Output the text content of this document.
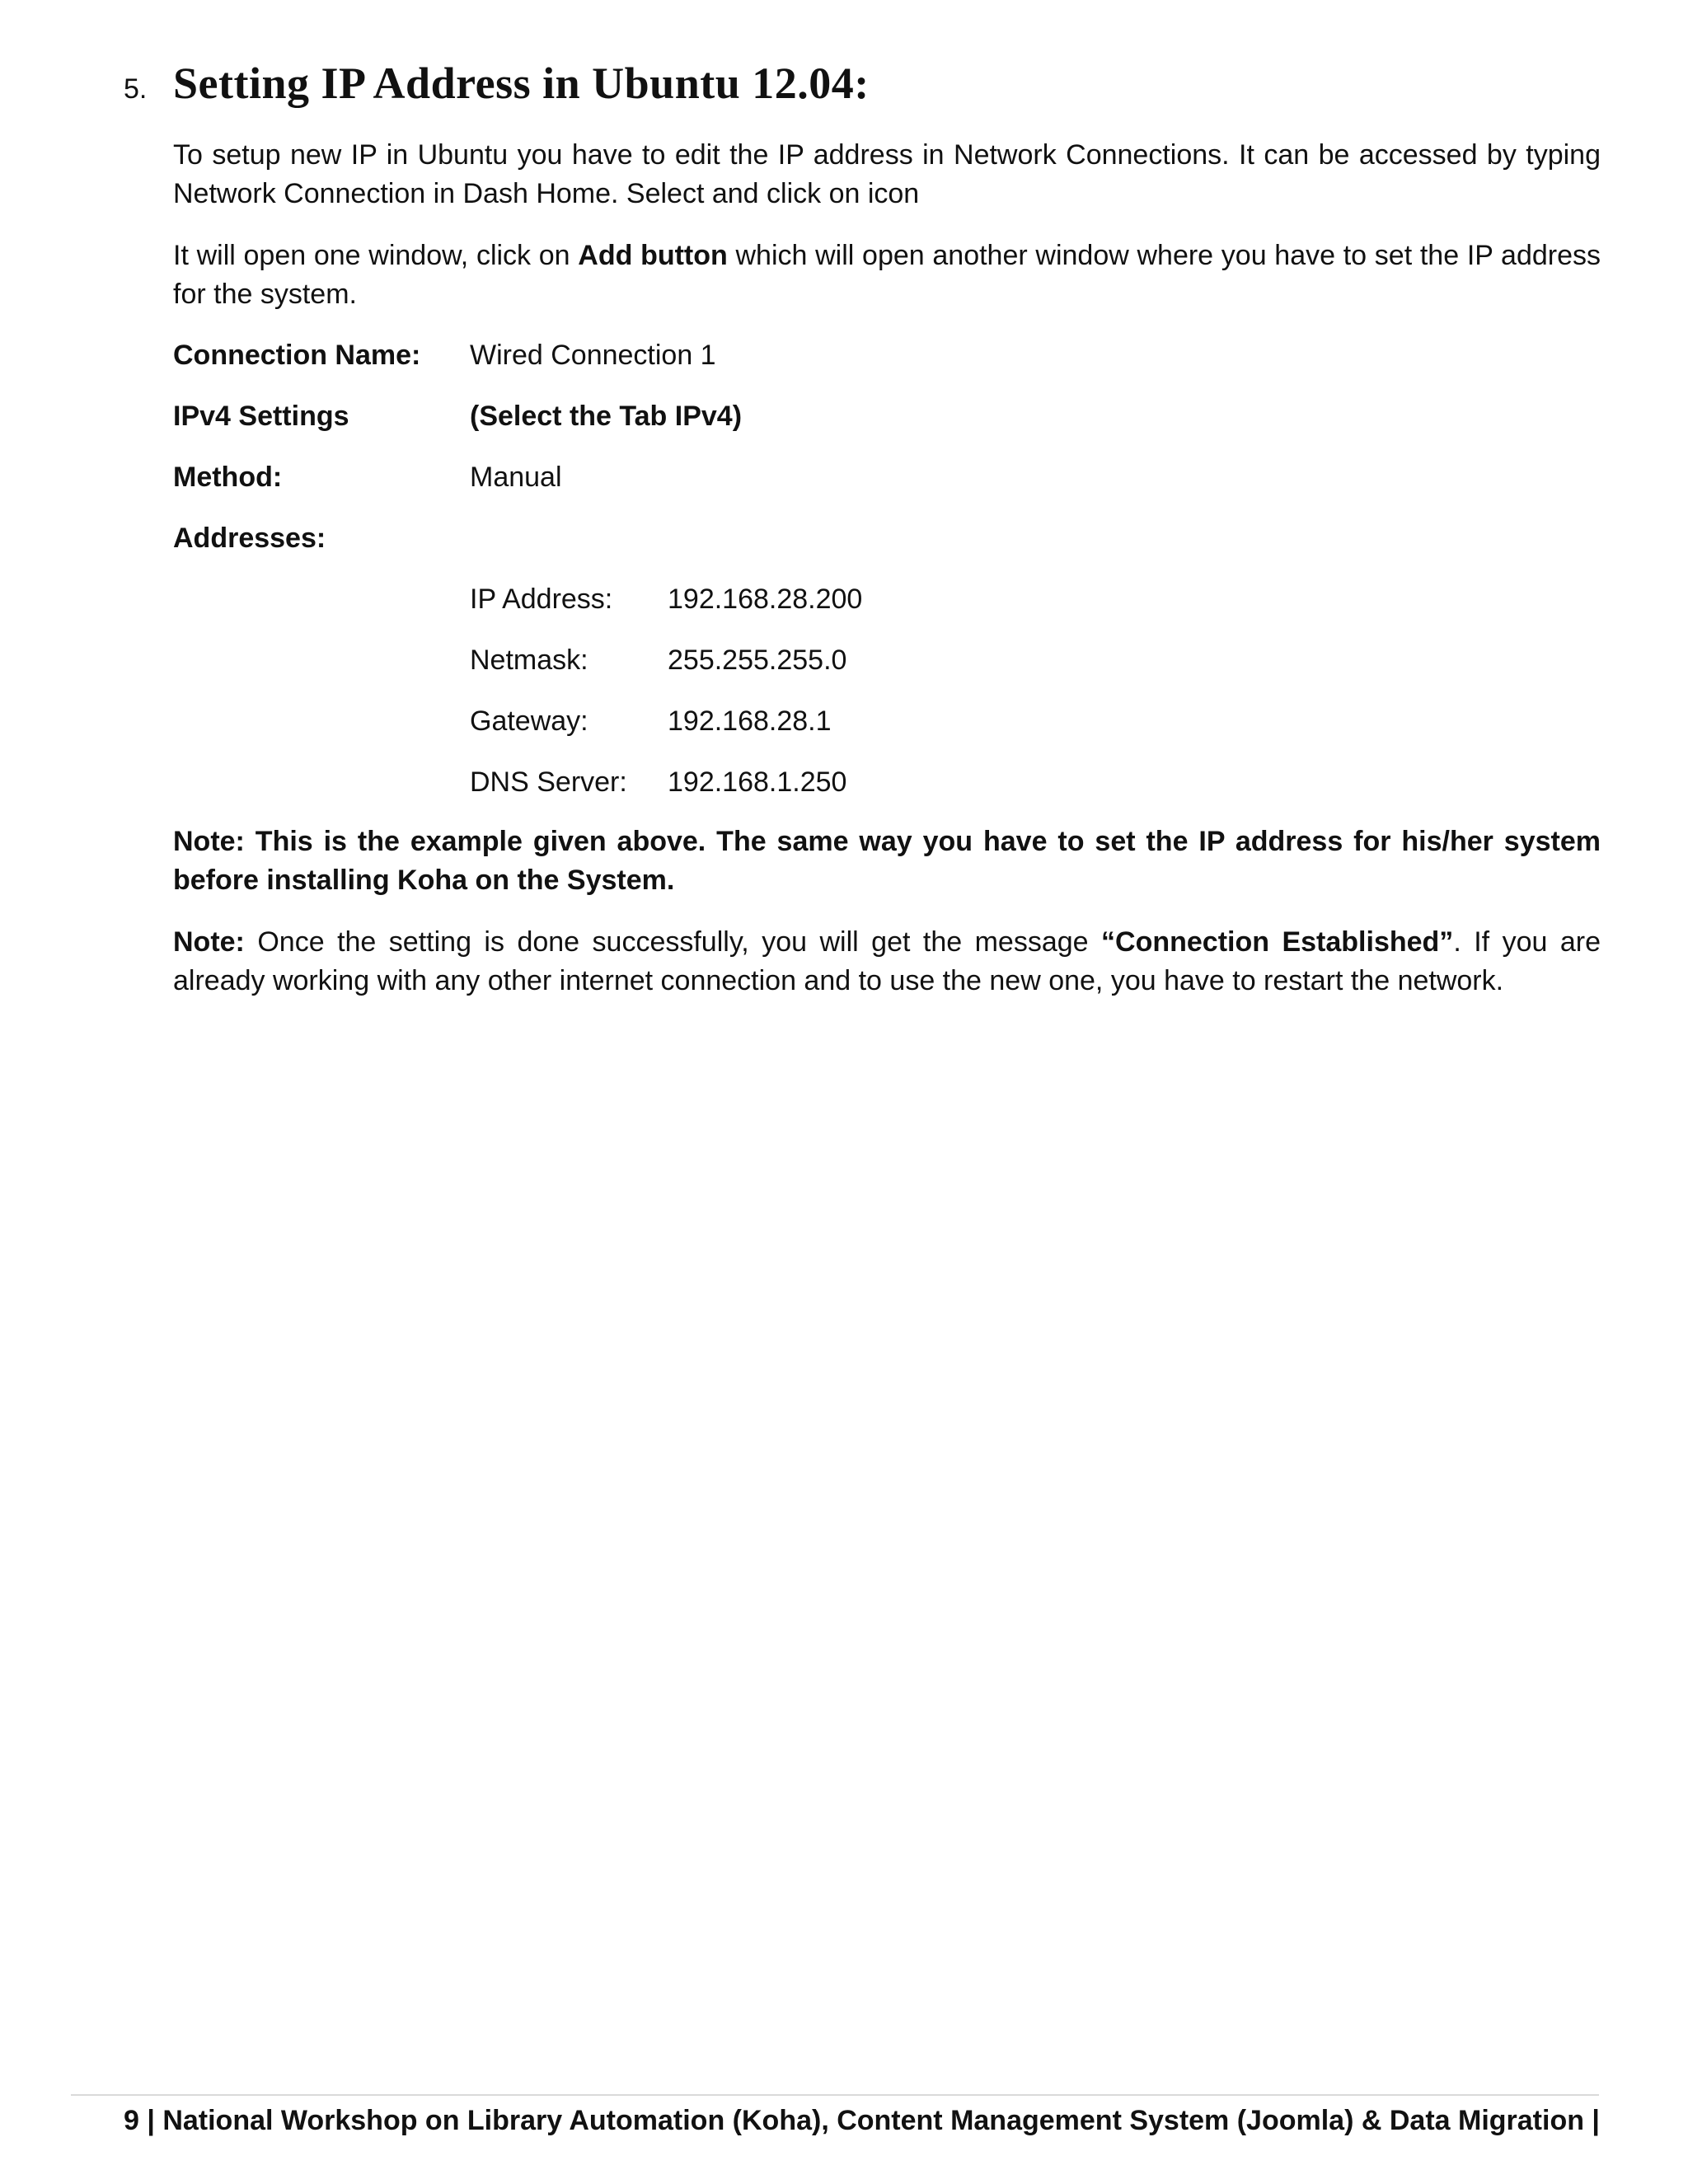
5. Setting IP Address in Ubuntu 12.04:
To setup new IP in Ubuntu you have to edit the IP address in Network Connections. It can be accessed by typing Network Connection in Dash Home. Select and click on icon
It will open one window, click on Add button which will open another window where you have to set the IP address for the system.
Connection Name: Wired Connection 1
IPv4 Settings	(Select the Tab IPv4)
Method:	Manual
Addresses:
IP Address: 192.168.28.200
Netmask:	255.255.255.0
Gateway:	192.168.28.1
DNS Server: 192.168.1.250
Note: This is the example given above. The same way you have to set the IP address for his/her system before installing Koha on the System.
Note: Once the setting is done successfully, you will get the message “Connection Established”. If you are already working with any other internet connection and to use the new one, you have to restart the network.
9 | National Workshop on Library Automation (Koha), Content Management System (Joomla) & Data Migration |
